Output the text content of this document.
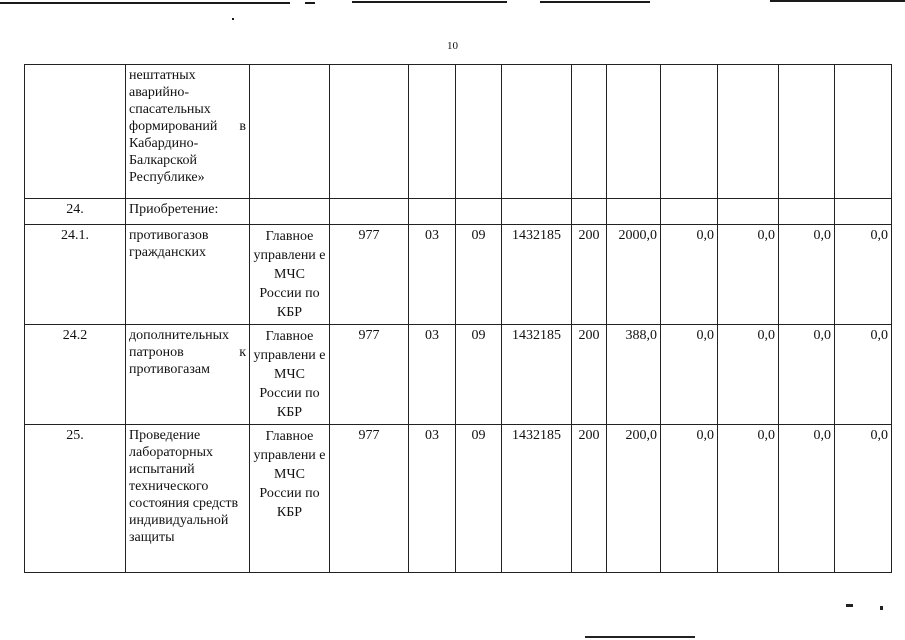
10
	нештатных аварийно-спасательных формирований в Кабардино-Балкарской Республике»											
24.	Приобретение:											
24.1.	противогазов гражданских	Главное управлени е МЧС России по КБР	977	03	09	1432185	200	2000,0	0,0	0,0	0,0	0,0
24.2	дополнительных патронов к противогазам	Главное управлени е МЧС России по КБР	977	03	09	1432185	200	388,0	0,0	0,0	0,0	0,0
25.	Проведение лабораторных испытаний технического состояния средств индивидуальной защиты	Главное управлени е МЧС России по КБР	977	03	09	1432185	200	200,0	0,0	0,0	0,0	0,0
